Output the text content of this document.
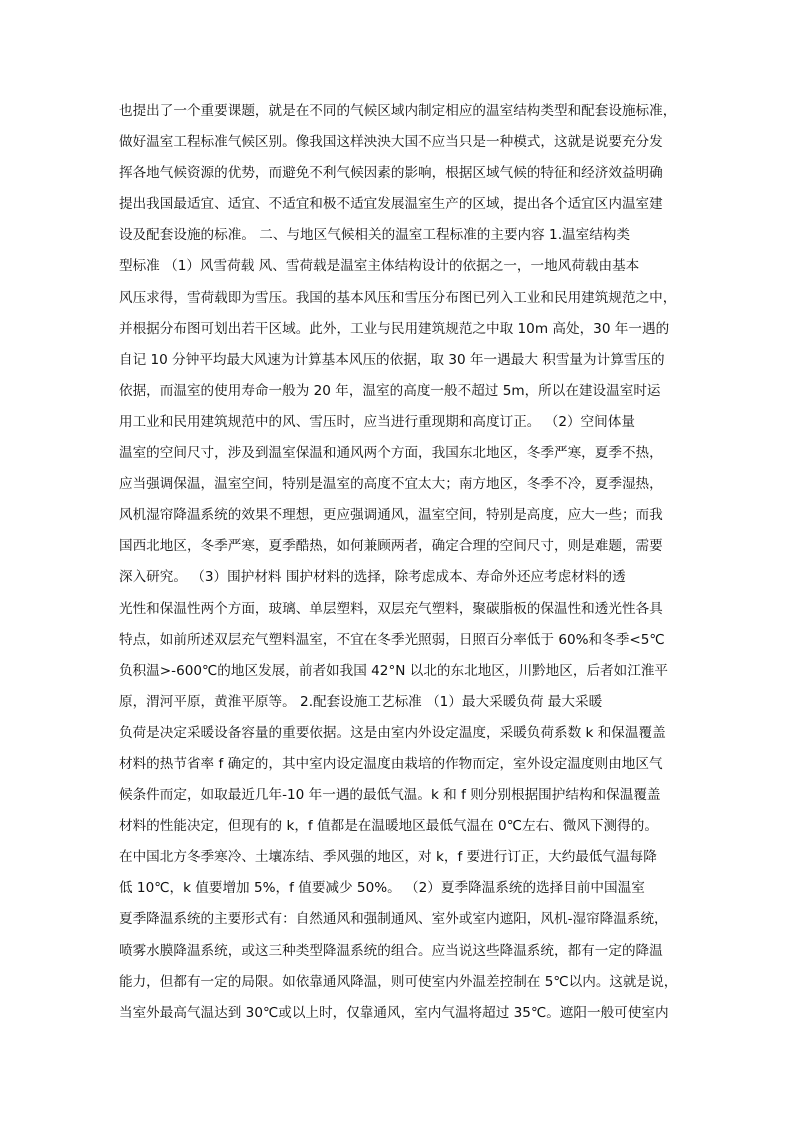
也提出了一个重要课题，就是在不同的气候区域内制定相应的温室结构类型和配套设施标准，
做好温室工程标准气候区别。像我国这样泱泱大国不应当只是一种模式，这就是说要充分发
挥各地气候资源的优势，而避免不利气候因素的影响，根据区域气候的特征和经济效益明确
提出我国最适宜、适宜、不适宜和极不适宜发展温室生产的区域，提出各个适宜区内温室建
设及配套设施的标准。 二、与地区气候相关的温室工程标准的主要内容 1.温室结构类
型标准 （1）风雪荷载 风、雪荷载是温室主体结构设计的依据之一，一地风荷载由基本
风压求得，雪荷载即为雪压。我国的基本风压和雪压分布图已列入工业和民用建筑规范之中，
并根据分布图可划出若干区域。此外，工业与民用建筑规范之中取 10m 高处，30 年一遇的
自记 10 分钟平均最大风速为计算基本风压的依据，取 30 年一遇最大 积雪量为计算雪压的
依据，而温室的使用寿命一般为 20 年，温室的高度一般不超过 5m，所以在建设温室时运
用工业和民用建筑规范中的风、雪压时，应当进行重现期和高度订正。 （2）空间体量
温室的空间尺寸，涉及到温室保温和通风两个方面，我国东北地区，冬季严寒，夏季不热，
应当强调保温，温室空间，特别是温室的高度不宜太大；南方地区，冬季不冷，夏季湿热，
风机湿帘降温系统的效果不理想，更应强调通风，温室空间，特别是高度，应大一些；而我
国西北地区，冬季严寒，夏季酷热，如何兼顾两者，确定合理的空间尺寸，则是难题，需要
深入研究。 （3）围护材料 围护材料的选择，除考虑成本、寿命外还应考虑材料的透
光性和保温性两个方面，玻璃、单层塑料，双层充气塑料，聚碳脂板的保温性和透光性各具
特点，如前所述双层充气塑料温室，不宜在冬季光照弱，日照百分率低于 60%和冬季<5℃
负积温>-600℃的地区发展，前者如我国 42°N 以北的东北地区，川黔地区，后者如江淮平
原，渭河平原，黄淮平原等。 2.配套设施工艺标准 （1）最大采暖负荷 最大采暖
负荷是决定采暖设备容量的重要依据。这是由室内外设定温度，采暖负荷系数 k 和保温覆盖
材料的热节省率 f 确定的，其中室内设定温度由栽培的作物而定，室外设定温度则由地区气
候条件而定，如取最近几年-10 年一遇的最低气温。k 和 f 则分别根据围护结构和保温覆盖
材料的性能决定，但现有的 k，f 值都是在温暖地区最低气温在 0℃左右、微风下测得的。
在中国北方冬季寒冷、土壤冻结、季风强的地区，对 k，f 要进行订正，大约最低气温每降
低 10℃，k 值要增加 5%，f 值要减少 50%。 （2）夏季降温系统的选择目前中国温室
夏季降温系统的主要形式有：自然通风和强制通风、室外或室内遮阳，风机-湿帘降温系统，
喷雾水膜降温系统，或这三种类型降温系统的组合。应当说这些降温系统，都有一定的降温
能力，但都有一定的局限。如依靠通风降温，则可使室内外温差控制在 5℃以内。这就是说，
当室外最高气温达到 30℃或以上时，仅靠通风，室内气温将超过 35℃。遮阳一般可使室内
